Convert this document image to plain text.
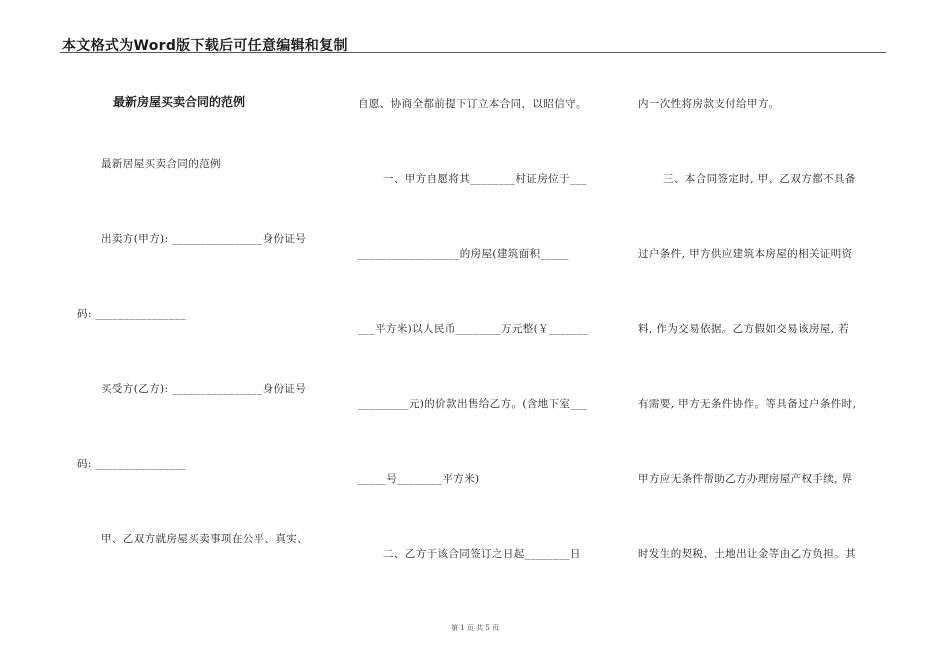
本文格式为Word版下载后可任意编辑和复制
最新房屋买卖合同的范例
最新居屋买卖合同的范例
出卖方(甲方): ________________身份证号
码: ________________
买受方(乙方): ________________身份证号
码: ________________
甲、乙双方就房屋买卖事项在公平、真实、
自愿、协商全都前提下订立本合同，以昭信守。
一、甲方自愿将其________村证房位于___
__________________的房屋(建筑面积_____
___平方米)以人民币________万元整(￥_______
_________元)的价款出售给乙方。(含地下室___
_____号________平方米)
二、乙方于该合同签订之日起________日
内一次性将房款支付给甲方。
三、本合同签定时, 甲、乙双方都不具备
过户条件, 甲方供应建筑本房屋的相关证明资
料, 作为交易依据。乙方假如交易该房屋, 若
有需要, 甲方无条件协作。等具备过户条件时,
甲方应无条件帮助乙方办理房屋产权手续, 界
时发生的契税、土地出让金等由乙方负担。其
第 1 页 共 5 页
